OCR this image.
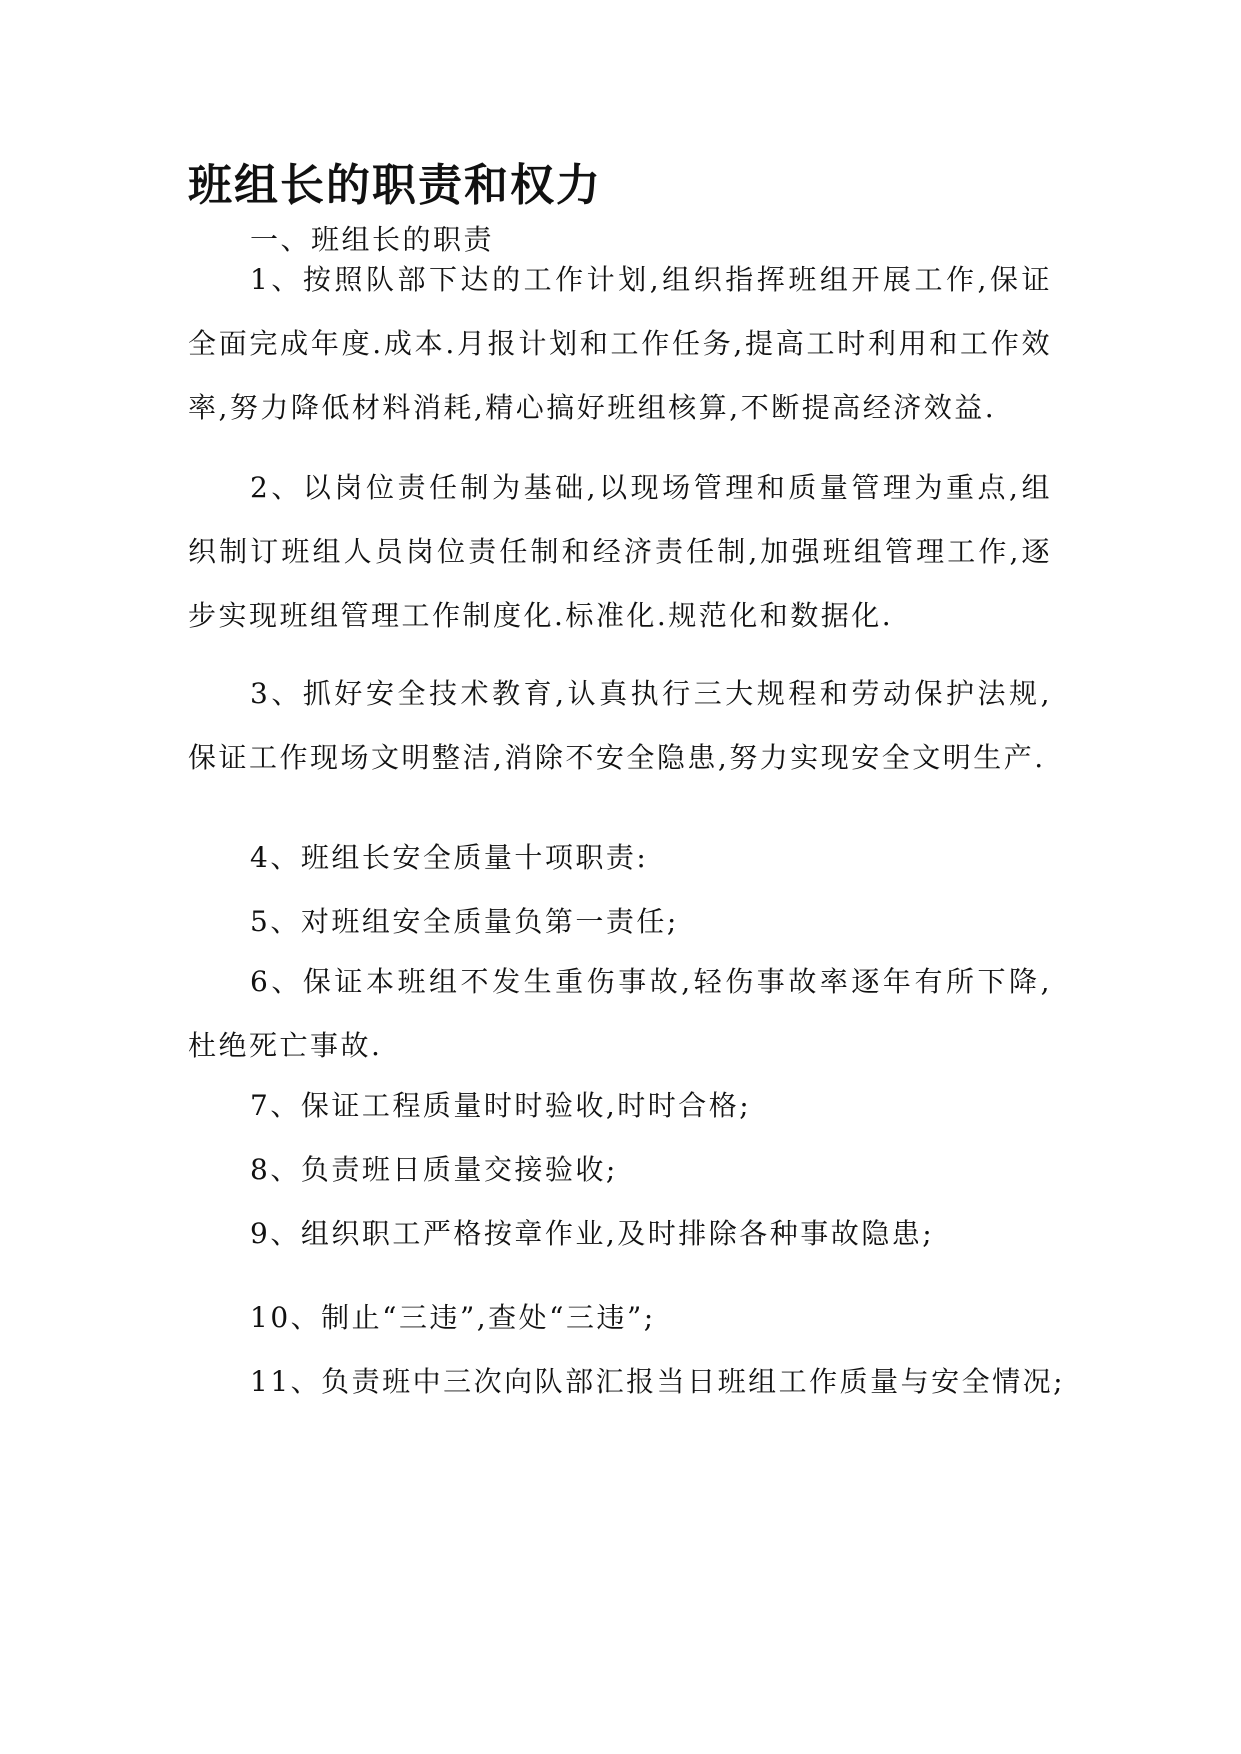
班组长的职责和权力

一、班组长的职责

1、按照队部下达的工作计划,组织指挥班组开展工作,保证全面完成年度.成本.月报计划和工作任务,提高工时利用和工作效率,努力降低材料消耗,精心搞好班组核算,不断提高经济效益.

2、以岗位责任制为基础,以现场管理和质量管理为重点,组织制订班组人员岗位责任制和经济责任制,加强班组管理工作,逐步实现班组管理工作制度化.标准化.规范化和数据化.

3、抓好安全技术教育,认真执行三大规程和劳动保护法规,保证工作现场文明整洁,消除不安全隐患,努力实现安全文明生产.

4、班组长安全质量十项职责:

5、对班组安全质量负第一责任;

6、保证本班组不发生重伤事故,轻伤事故率逐年有所下降,杜绝死亡事故.

7、保证工程质量时时验收,时时合格;

8、负责班日质量交接验收;

9、组织职工严格按章作业,及时排除各种事故隐患;

10、制止“三违”,查处“三违”;

11、负责班中三次向队部汇报当日班组工作质量与安全情况;
